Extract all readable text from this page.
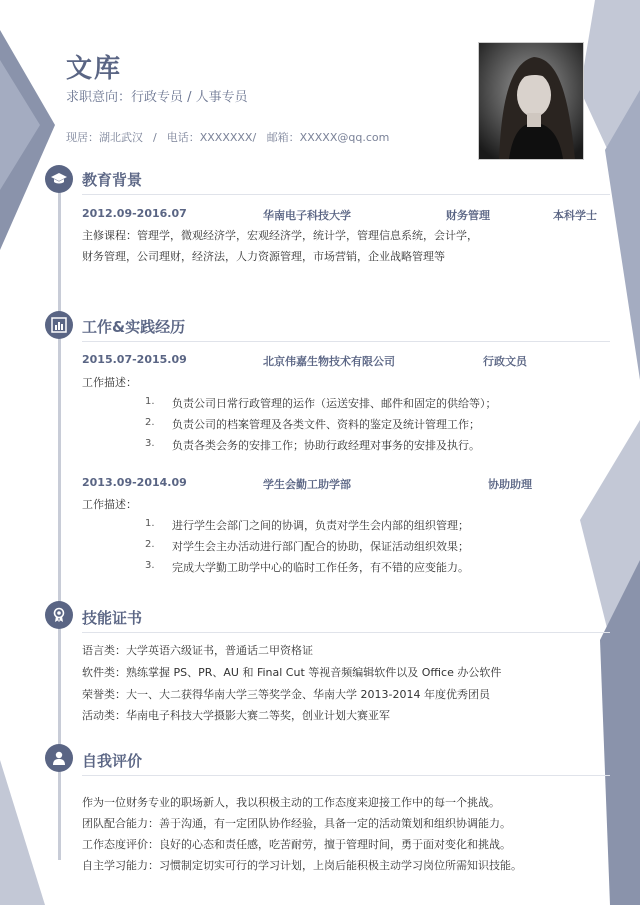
文库
求职意向：行政专员 / 人事专员
现居：湖北武汉 / 电话：XXXXXXX/ 邮箱：XXXXX@qq.com
教育背景
2012.09-2016.07	华南电子科技大学	财务管理	本科学士
主修课程：管理学，微观经济学，宏观经济学，统计学，管理信息系统，会计学，
财务管理，公司理财，经济法，人力资源管理，市场营销，企业战略管理等
工作&实践经历
2015.07-2015.09	北京伟嘉生物技术有限公司	行政文员
工作描述：
1. 负责公司日常行政管理的运作（运送安排、邮件和固定的供给等）；
2. 负责公司的档案管理及各类文件、资料的鉴定及统计管理工作；
3. 负责各类会务的安排工作；协助行政经理对事务的安排及执行。
2013.09-2014.09	学生会勤工助学部	协助助理
工作描述：
1. 进行学生会部门之间的协调，负责对学生会内部的组织管理；
2. 对学生会主办活动进行部门配合的协助，保证活动组织效果；
3. 完成大学勤工助学中心的临时工作任务，有不错的应变能力。
技能证书
语言类：大学英语六级证书，普通话二甲资格证
软件类：熟练掌握 PS、PR、AU 和 Final Cut 等视音频编辑软件以及 Office 办公软件
荣誉类：大一、大二获得华南大学三等奖学金、华南大学 2013-2014 年度优秀团员
活动类：华南电子科技大学摄影大赛二等奖，创业计划大赛亚军
自我评价
作为一位财务专业的职场新人，我以积极主动的工作态度来迎接工作中的每一个挑战。
团队配合能力：善于沟通，有一定团队协作经验，具备一定的活动策划和组织协调能力。
工作态度评价：良好的心态和责任感，吃苦耐劳，擅于管理时间，勇于面对变化和挑战。
自主学习能力：习惯制定切实可行的学习计划，上岗后能积极主动学习岗位所需知识技能。
